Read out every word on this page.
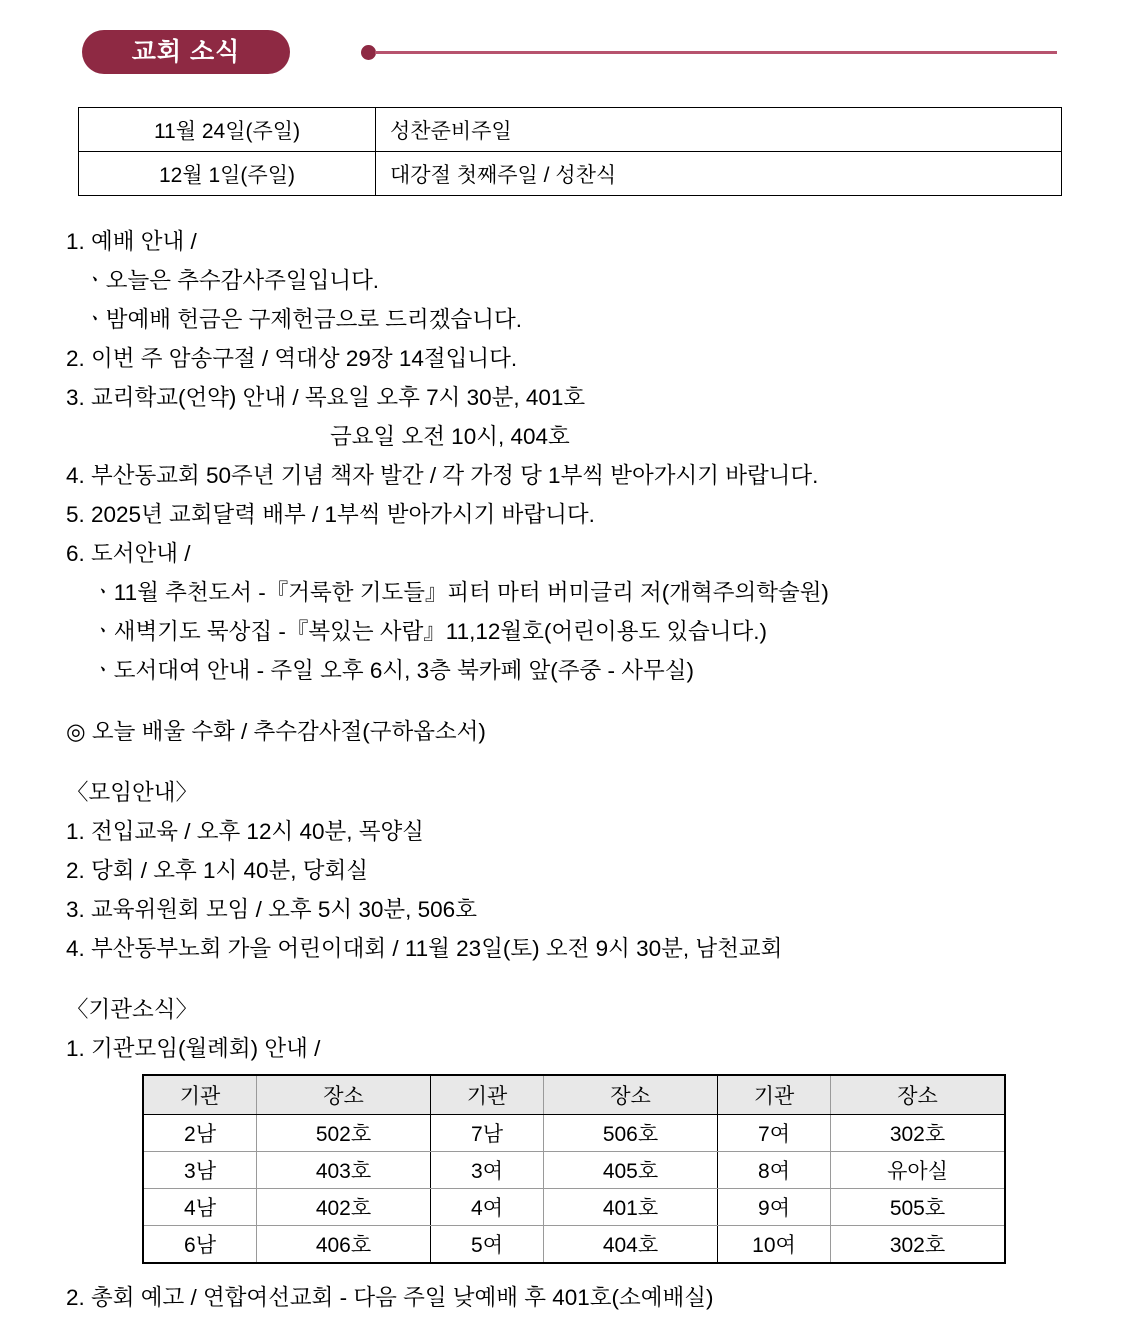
교회 소식
11월 24일(주일)	성찬준비주일
12월 1일(주일)	대강절 첫째주일 / 성찬식
1. 예배 안내 /
ㆍ오늘은 추수감사주일입니다.
ㆍ밤예배 헌금은 구제헌금으로 드리겠습니다.
2. 이번 주 암송구절 / 역대상 29장 14절입니다.
3. 교리학교(언약) 안내 / 목요일 오후 7시 30분, 401호
금요일 오전 10시, 404호
4. 부산동교회 50주년 기념 책자 발간 / 각 가정 당 1부씩 받아가시기 바랍니다.
5. 2025년 교회달력 배부 / 1부씩 받아가시기 바랍니다.
6. 도서안내 /
ㆍ11월 추천도서 -『거룩한 기도들』피터 마터 버미글리 저(개혁주의학술원)
ㆍ새벽기도 묵상집 -『복있는 사람』11,12월호(어린이용도 있습니다.)
ㆍ도서대여 안내 - 주일 오후 6시, 3층 북카페 앞(주중 - 사무실)
◎ 오늘 배울 수화 / 추수감사절(구하옵소서)
〈모임안내〉
1. 전입교육 / 오후 12시 40분, 목양실
2. 당회 / 오후 1시 40분, 당회실
3. 교육위원회 모임 / 오후 5시 30분, 506호
4. 부산동부노회 가을 어린이대회 / 11월 23일(토) 오전 9시 30분, 남천교회
〈기관소식〉
1. 기관모임(월례회) 안내 /
기관	장소	기관	장소	기관	장소
2남	502호	7남	506호	7여	302호
3남	403호	3여	405호	8여	유아실
4남	402호	4여	401호	9여	505호
6남	406호	5여	404호	10여	302호
2. 총회 예고 / 연합여선교회 - 다음 주일 낮예배 후 401호(소예배실)
